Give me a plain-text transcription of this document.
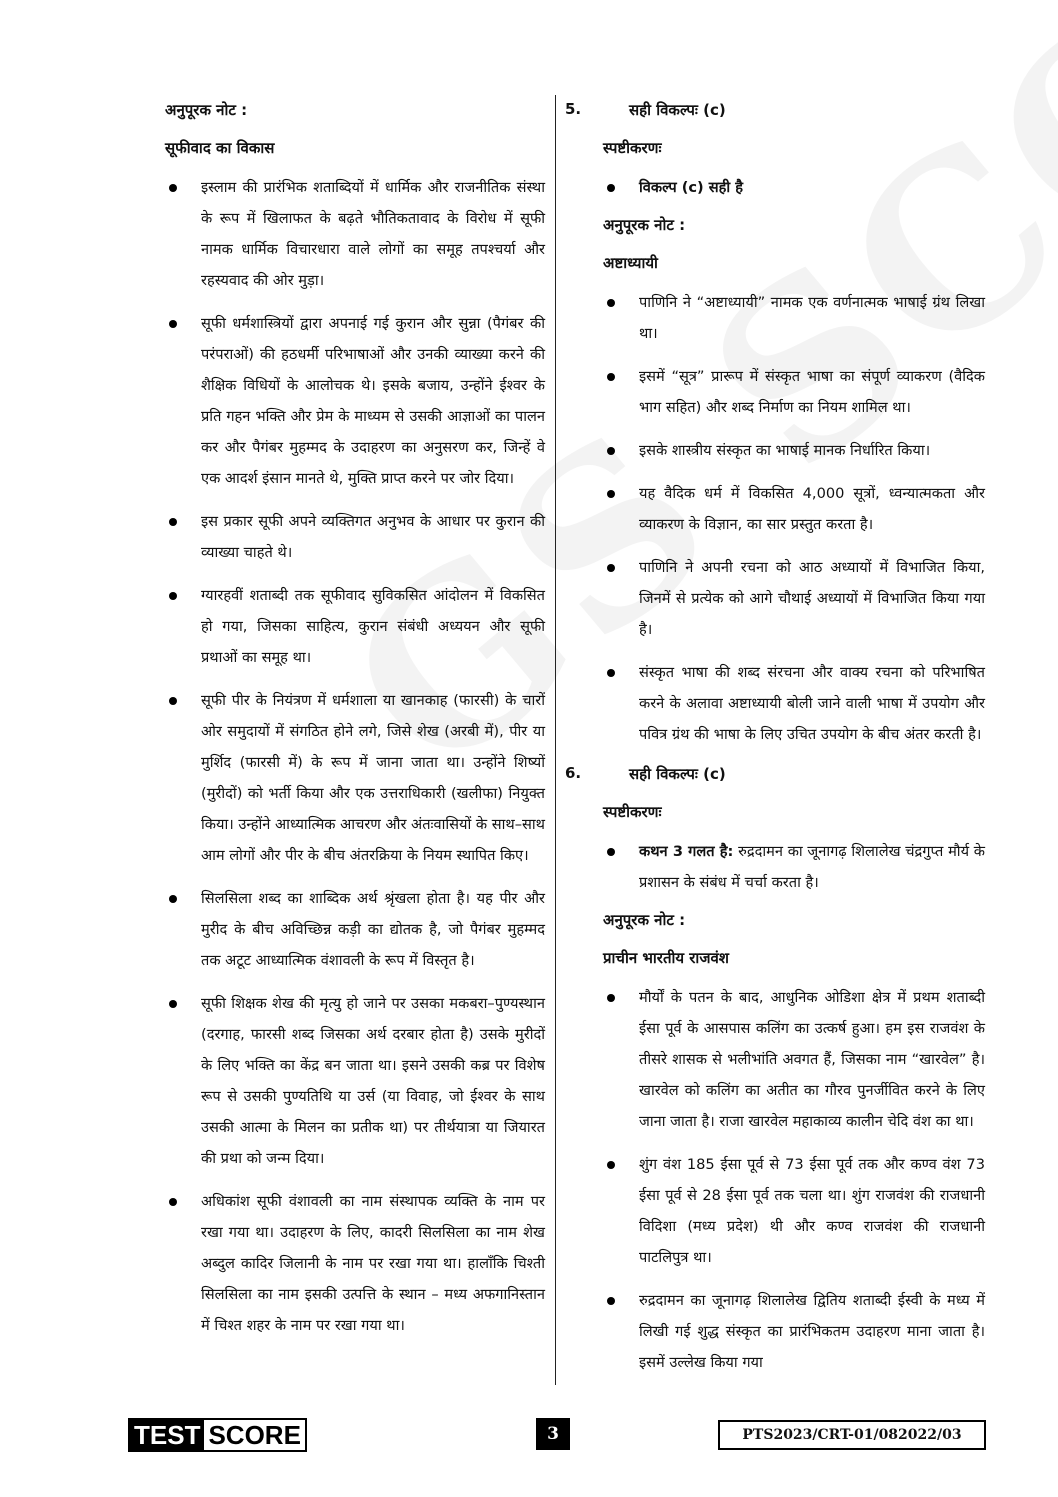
अनुपूरक नोट :
सूफीवाद का विकास
इस्लाम की प्रारंभिक शताब्दियों में धार्मिक और राजनीतिक संस्था के रूप में खिलाफत के बढ़ते भौतिकतावाद के विरोध में सूफी नामक धार्मिक विचारधारा वाले लोगों का समूह तपश्चर्या और रहस्यवाद की ओर मुड़ा।
सूफी धर्मशास्त्रियों द्वारा अपनाई गई कुरान और सुन्ना (पैगंबर की परंपराओं) की हठधर्मी परिभाषाओं और उनकी व्याख्या करने की शैक्षिक विधियों के आलोचक थे। इसके बजाय, उन्होंने ईश्वर के प्रति गहन भक्ति और प्रेम के माध्यम से उसकी आज्ञाओं का पालन कर और पैगंबर मुहम्मद के उदाहरण का अनुसरण कर, जिन्हें वे एक आदर्श इंसान मानते थे, मुक्ति प्राप्त करने पर जोर दिया।
इस प्रकार सूफी अपने व्यक्तिगत अनुभव के आधार पर कुरान की व्याख्या चाहते थे।
ग्यारहवीं शताब्दी तक सूफीवाद सुविकसित आंदोलन में विकसित हो गया, जिसका साहित्य, कुरान संबंधी अध्ययन और सूफी प्रथाओं का समूह था।
सूफी पीर के नियंत्रण में धर्मशाला या खानकाह (फारसी) के चारों ओर समुदायों में संगठित होने लगे, जिसे शेख (अरबी में), पीर या मुर्शिद (फारसी में) के रूप में जाना जाता था। उन्होंने शिष्यों (मुरीदों) को भर्ती किया और एक उत्तराधिकारी (खलीफा) नियुक्त किया। उन्होंने आध्यात्मिक आचरण और अंतःवासियों के साथ–साथ आम लोगों और पीर के बीच अंतरक्रिया के नियम स्थापित किए।
सिलसिला शब्द का शाब्दिक अर्थ श्रृंखला होता है। यह पीर और मुरीद के बीच अविच्छिन्न कड़ी का द्योतक है, जो पैगंबर मुहम्मद तक अटूट आध्यात्मिक वंशावली के रूप में विस्तृत है।
सूफी शिक्षक शेख की मृत्यु हो जाने पर उसका मकबरा–पुण्यस्थान (दरगाह, फारसी शब्द जिसका अर्थ दरबार होता है) उसके मुरीदों के लिए भक्ति का केंद्र बन जाता था। इसने उसकी कब्र पर विशेष रूप से उसकी पुण्यतिथि या उर्स (या विवाह, जो ईश्वर के साथ उसकी आत्मा के मिलन का प्रतीक था) पर तीर्थयात्रा या जियारत की प्रथा को जन्म दिया।
अधिकांश सूफी वंशावली का नाम संस्थापक व्यक्ति के नाम पर रखा गया था। उदाहरण के लिए, कादरी सिलसिला का नाम शेख अब्दुल कादिर जिलानी के नाम पर रखा गया था। हालाँकि चिश्ती सिलसिला का नाम इसकी उत्पत्ति के स्थान – मध्य अफगानिस्तान में चिश्त शहर के नाम पर रखा गया था।
5.	सही विकल्पः (c)
स्पष्टीकरणः
विकल्प (c) सही है
अनुपूरक नोट :
अष्टाध्यायी
पाणिनि ने “अष्टाध्यायी” नामक एक वर्णनात्मक भाषाई ग्रंथ लिखा था।
इसमें “सूत्र” प्रारूप में संस्कृत भाषा का संपूर्ण व्याकरण (वैदिक भाग सहित) और शब्द निर्माण का नियम शामिल था।
इसके शास्त्रीय संस्कृत का भाषाई मानक निर्धारित किया।
यह वैदिक धर्म में विकसित 4,000 सूत्रों, ध्वन्यात्मकता और व्याकरण के विज्ञान, का सार प्रस्तुत करता है।
पाणिनि ने अपनी रचना को आठ अध्यायों में विभाजित किया, जिनमें से प्रत्येक को आगे चौथाई अध्यायों में विभाजित किया गया है।
संस्कृत भाषा की शब्द संरचना और वाक्य रचना को परिभाषित करने के अलावा अष्टाध्यायी बोली जाने वाली भाषा में उपयोग और पवित्र ग्रंथ की भाषा के लिए उचित उपयोग के बीच अंतर करती है।
6.	सही विकल्पः (c)
स्पष्टीकरणः
कथन 3 गलत है: रुद्रदामन का जूनागढ़ शिलालेख चंद्रगुप्त मौर्य के प्रशासन के संबंध में चर्चा करता है।
अनुपूरक नोट :
प्राचीन भारतीय राजवंश
मौर्यों के पतन के बाद, आधुनिक ओडिशा क्षेत्र में प्रथम शताब्दी ईसा पूर्व के आसपास कलिंग का उत्कर्ष हुआ। हम इस राजवंश के तीसरे शासक से भलीभांति अवगत हैं, जिसका नाम “खारवेल” है। खारवेल को कलिंग का अतीत का गौरव पुनर्जीवित करने के लिए जाना जाता है। राजा खारवेल महाकाव्य कालीन चेदि वंश का था।
शुंग वंश 185 ईसा पूर्व से 73 ईसा पूर्व तक और कण्व वंश 73 ईसा पूर्व से 28 ईसा पूर्व तक चला था। शुंग राजवंश की राजधानी विदिशा (मध्य प्रदेश) थी और कण्व राजवंश की राजधानी पाटलिपुत्र था।
रुद्रदामन का जूनागढ़ शिलालेख द्वितिय शताब्दी ईस्वी के मध्य में लिखी गई शुद्ध संस्कृत का प्रारंभिकतम उदाहरण माना जाता है। इसमें उल्लेख किया गया
TEST SCORE	3	PTS2023/CRT-01/082022/03
